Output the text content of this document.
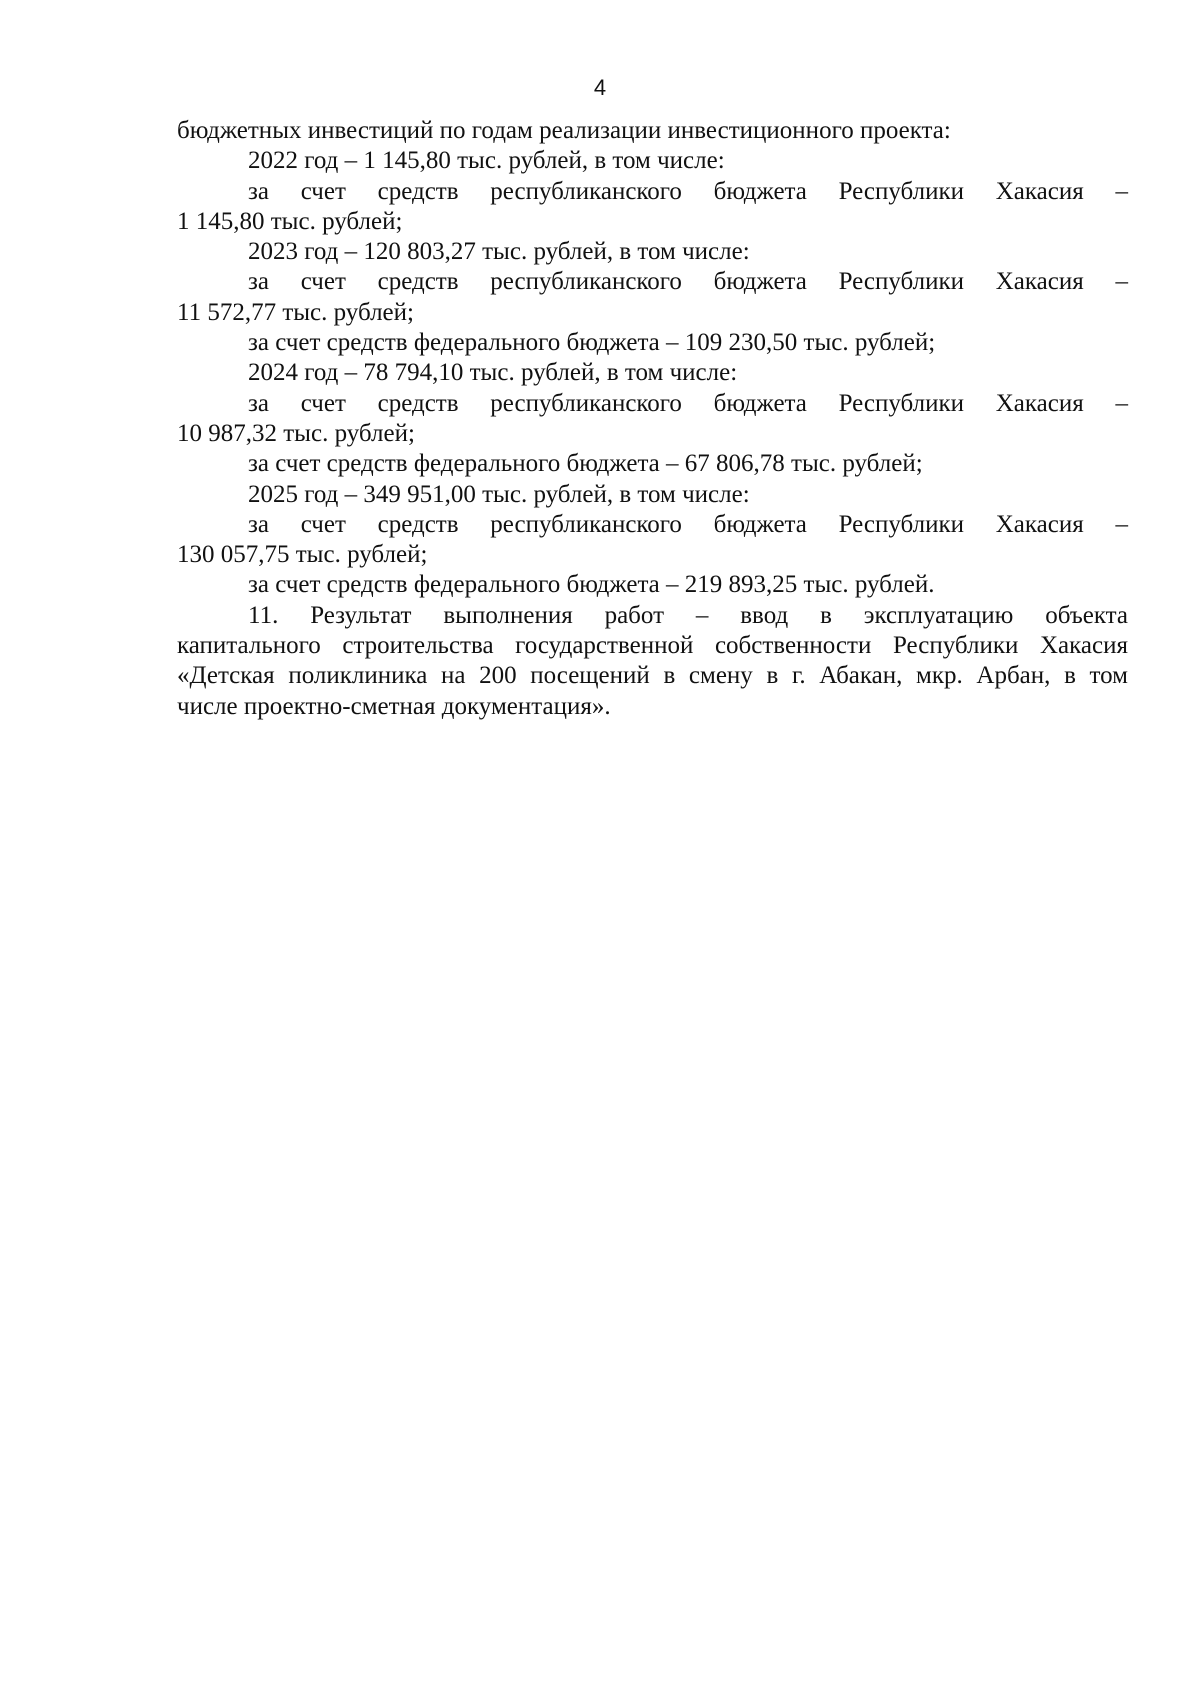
4
бюджетных инвестиций по годам реализации инвестиционного проекта:
2022 год – 1 145,80 тыс. рублей, в том числе:
за счет средств республиканского бюджета Республики Хакасия –
1 145,80 тыс. рублей;
2023 год – 120 803,27 тыс. рублей, в том числе:
за счет средств республиканского бюджета Республики Хакасия –
11 572,77 тыс. рублей;
за счет средств федерального бюджета – 109 230,50 тыс. рублей;
2024 год – 78 794,10 тыс. рублей, в том числе:
за счет средств республиканского бюджета Республики Хакасия –
10 987,32 тыс. рублей;
за счет средств федерального бюджета – 67 806,78 тыс. рублей;
2025 год – 349 951,00 тыс. рублей, в том числе:
за счет средств республиканского бюджета Республики Хакасия –
130 057,75 тыс. рублей;
за счет средств федерального бюджета – 219 893,25 тыс. рублей.
11. Результат выполнения работ – ввод в эксплуатацию объекта
капитального строительства государственной собственности Республики Хакасия
«Детская поликлиника на 200 посещений в смену в г. Абакан, мкр. Арбан, в том
числе проектно-сметная документация».
